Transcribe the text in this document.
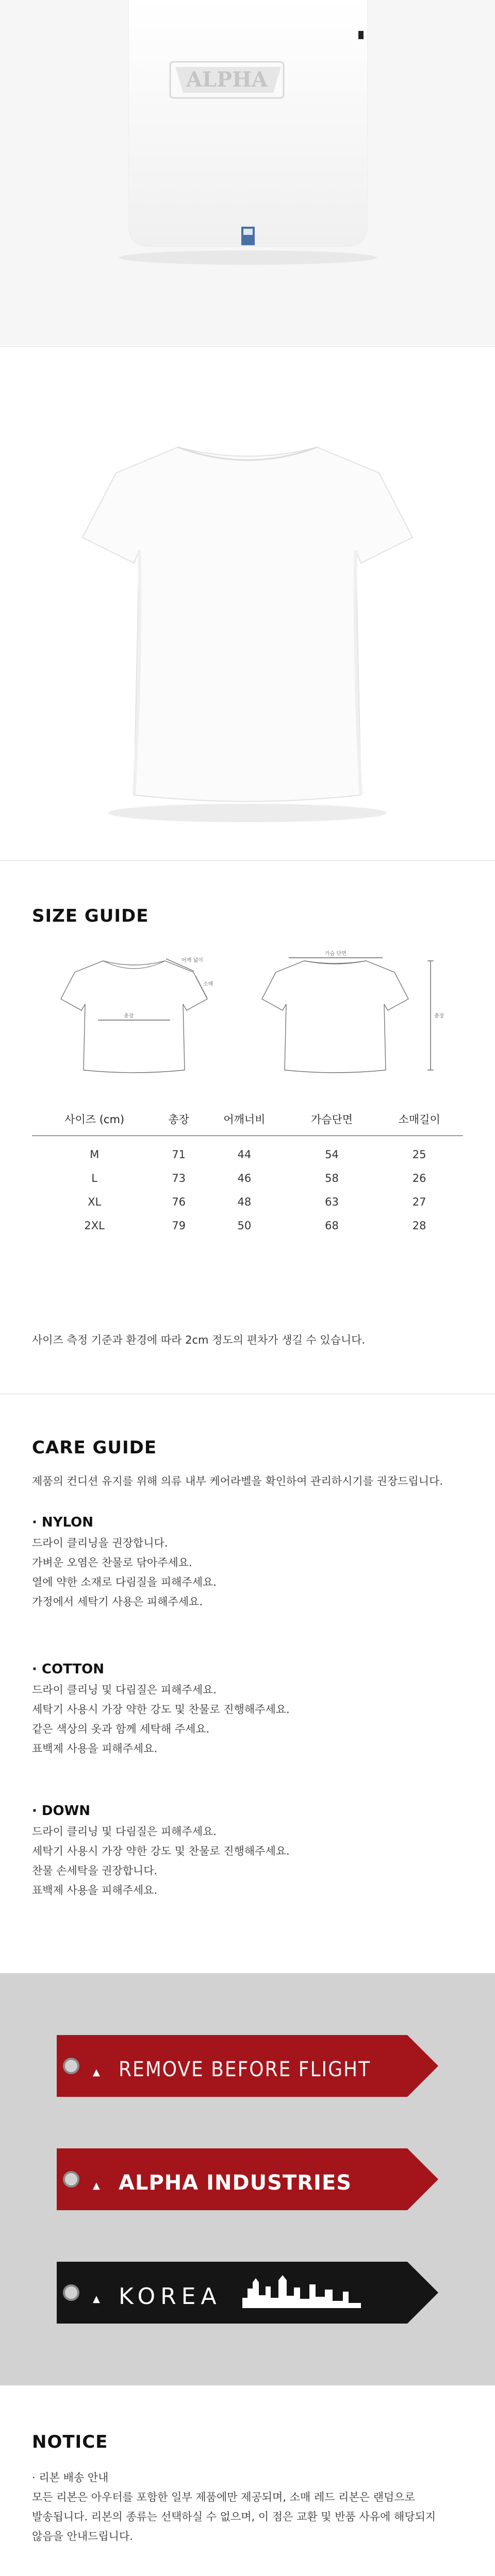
ALPHA
SIZE GUIDE
어깨 넓이
소매
총장
가슴 단면
총장
사이즈 (cm)	총장	어깨너비	가슴단면	소매길이
M	71	44	54	25
L	73	46	58	26
XL	76	48	63	27
2XL	79	50	68	28
사이즈 측정 기준과 환경에 따라 2cm 정도의 편차가 생길 수 있습니다.
CARE GUIDE
제품의 컨디션 유지를 위해 의류 내부 케어라벨을 확인하여 관리하시기를 권장드립니다.
· NYLON
드라이 클리닝을 권장합니다.
가벼운 오염은 찬물로 닦아주세요.
열에 약한 소재로 다림질을 피해주세요.
가정에서 세탁기 사용은 피해주세요.
· COTTON
드라이 클리닝 및 다림질은 피해주세요.
세탁기 사용시 가장 약한 강도 및 찬물로 진행해주세요.
같은 색상의 옷과 함께 세탁해 주세요.
표백제 사용을 피해주세요.
· DOWN
드라이 클리닝 및 다림질은 피해주세요.
세탁기 사용시 가장 약한 강도 및 찬물로 진행해주세요.
찬물 손세탁을 권장합니다.
표백제 사용을 피해주세요.
▲ REMOVE BEFORE FLIGHT
▲ ALPHA INDUSTRIES
▲ KOREA
NOTICE
· 리본 배송 안내
모든 리본은 아우터를 포함한 일부 제품에만 제공되며, 소매 레드 리본은 랜덤으로
발송됩니다. 리본의 종류는 선택하실 수 없으며, 이 점은 교환 및 반품 사유에 해당되지
않음을 안내드립니다.
